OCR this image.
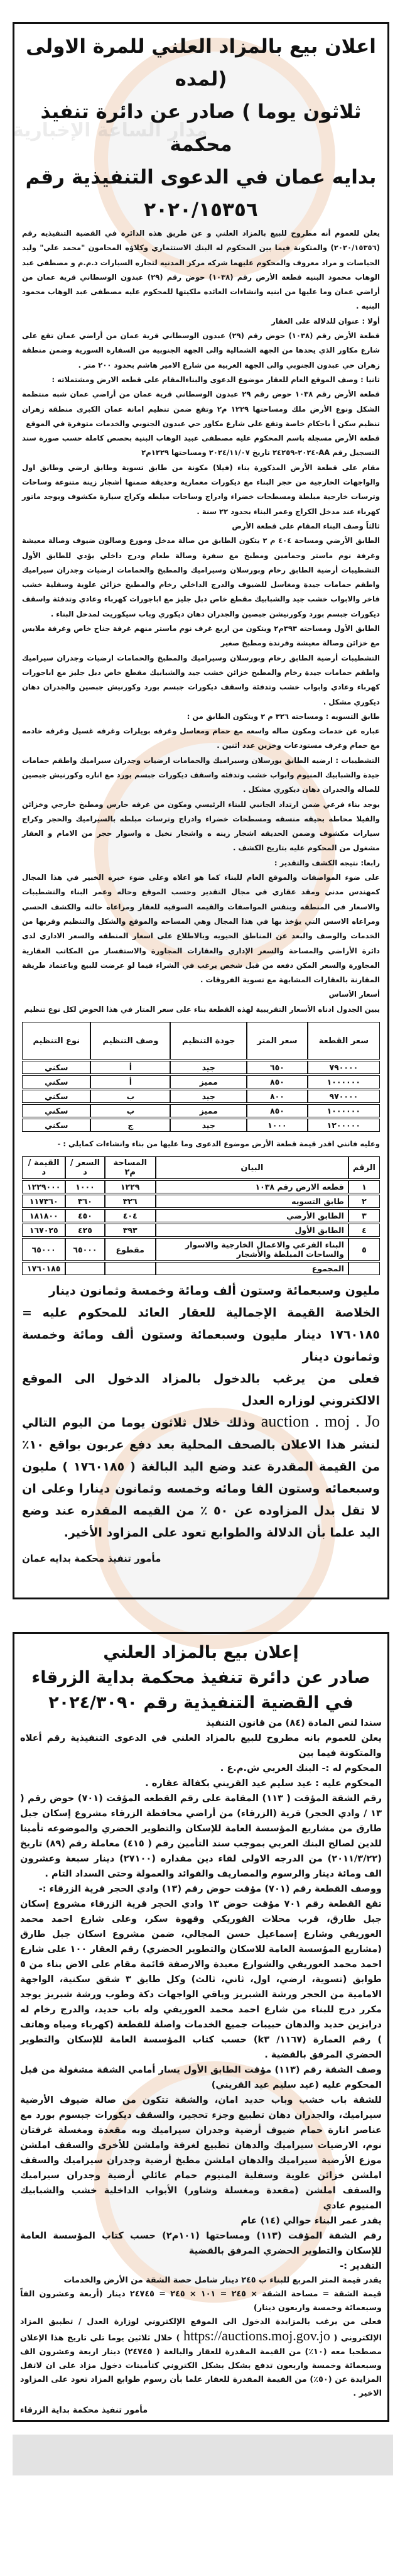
مدار الساعة الإخبارية
اعلان بيع بالمزاد العلني للمرة الاولى (لمده
ثلاثون يوما ) صادر عن دائرة تنفيذ محكمة
بدايه عمان في الدعوى التنفيذية رقم
٢٠٢٠/١٥٣٥٦

يعلن للعموم أنه مطروح للبيع بالمزاد العلني و عن طريق هذه الدائرة في القضية التنفيذيه رقم (٢٠٢٠/١٥٣٥٦) والمتكونة فيما بين المحكوم له البنك الاستثماري وكلاؤه المحامون "محمد علي" وليد الحياصات و مراد معروف والمحكوم عليهما شركه مركز المدنيه لتجاره السيارات ذ.م.م و مصطفى عبد الوهاب محمود البنيه قطعة الأرض رقم (١٠٣٨) حوض رقم (٢٩) عبدون الوسطاني قرية عمان من أراضي عمان وما عليها من ابنيه وانشاءات العائده ملكيتها للمحكوم عليه مصطفى عبد الوهاب محمود البنيه .

أولا : عنوان للدلالة على العقار

قطعة الأرض رقم (١٠٣٨) حوض رقم (٢٩) عبدون الوسطاني قرية عمان من أراضي عمان تقع على شارع مكاور الذي يحدها من الجهة الشمالية والى الجهة الجنوبية من السفارة السورية وضمن منطقة زهران حي عبدون الجنوبي والى الجهة الغربية من شارع الامير هاشم بحدود ٢٠٠ متر .

ثانيا : وصف الموقع العام للعقار موضوع الدعوى والبناءالمقام على قطعه الارض ومشتملاته :

قطعة الأرض رقم ١٠٣٨ حوض رقم ٢٩ عبدون الوسطاني قرية عمان من أراضي عمان شبه منتظمة الشكل ونوع الأرض ملك ومساحتها ١٢٢٩ م٢ وتقع ضمن تنظيم امانة عمان الكبرى منطقة زهران تنظيم سكن أ باحكام خاصة وتقع على شارع مكاور حي عبدون الجنوبي والخدمات متوفرة في الموقع

قطعة الأرض مسجلة باسم المحكوم عليه مصطفى عبيد الوهاب البنية بحصص كاملة حسب صورة سند التسجيل رقم AA-٢٠٢٤-٢٤٢٥٩ تاريخ ٢٠٢٤/١١/٠٧ ومساحتها ١٢٢٩م٢

مقام على قطعة الأرض المذكورة بناء (فيلا) مكونة من طابق تسوية وطابق ارضي وطابق اول والواجهات الخارجية من حجر البناء مع ديكورات معمارية وحديقة ضمنها أشجار زينة متنوعة وساحات وترسات خارجية مبلطة ومسطحات خضراء وادراج وساحات مبلطه وكراج سيارة مكشوف ويوجد ماتور كهرباء عند مدخل الكراج وعمر البناء بحدود ٢٢ سنة .

ثالثاً وصف البناء المقام على قطعة الأرض

الطابق الأرضي ومساحة ٤٠٤ م ٢ يتكون الطابق من صالة مدخل وموزع وصالون ضيوف وصالة معيشة وغرفة نوم ماستر وحمامين ومطبخ مع سفرة وصالة طعام ودرج داخلي يؤدي للطابق الأول التشطيبات أرضية الطابق رخام وبورسلان وسيراميك والمطبخ والحمامات ارضيات وجدران سيراميك واطقم حمامات جيدة ومغاسل للضيوف والدرج الداخلي رخام والمطبخ خزائن علوية وسفلية خشب فاخر والابواب خشب جيد والشبابيك مقطع خاص دبل جليز مع اباجورات كهرباء وعادي وتدفئة واسقف ديكورات جبسم بورد وكورنيشن جبصين والجدران دهان ديكوري وباب سيكوريت لمدخل البناء .

الطابق الأول ومساحته ٣٩٣م٢ ويتكون من اربع غرف نوم ماستر منهم غرفة جناح خاص وغرفة ملابس مع خزائن وصالة معيشة وفرندة ومطبخ صغير

التشطيبات أرضية الطابق رخام وبورسلان وسيراميك والمطبخ والحمامات ارضيات وجدران سيراميك واطقم حمامات جيدة رخام والمطبخ خزائن خشب جيد والشبابيك مقطع خاص دبل جليز مع اباجورات كهرباء وعادي وابواب خشب وتدفئة واسقف ديكورات جبسم بورد وكورنيش جبصين والجدران دهان ديكوري مشكل .

طابق التسويه : ومساحته ٣٢٦ م ٢ ويتكون الطابق من :

عباره عن خدمات ومكون صاله واسعه مع حمام ومعاسل وغرفه بويلرات وغرفه غسيل وغرفه خادمه مع حمام وغرف مستودعات وخزين عدد اثنين .

التشطيبات : ارضيه الطابق بورسلان وسيراميك والحمامات ارضيات وجدران سيراميك واطقم حمامات جيدة والشبابيك المنيوم وابواب خشب وتدفئه واسقف ديكورات جبسم بورد مع اناره وكورنيش جبصين للصاله والجدران دهان ديكوري مشكل .

يوجد بناء فرعي ضمن ارتداد الجانبي للبناء الرئيسي ومكون من غرفه حارس ومطبخ خارجي وخزائن والفيلا محاطه بحيقه منسقه ومسطحات خضراء وادراج وترسات مبلطه بالسيراميك والحجر وكراج سيارات مكشوف وضمن الحديقه اشجار زينه ه واشجار نخيل ه واسوار حجر من الامام و العقار مشغول من المحكوم عليه بتاريخ الكشف .

رابعا: نتيجه الكشف والتقدير :

على ضوء المواصفات والموقع العام للبناء كما هو اعلاه وعلى ضوء خبره الخبير في هذا المجال كمهندس مدني ومقد عقاري في مجال التقدير وحسب الموقع وحاله وعمر البناء والتشطيبات والاسعار في المنطقه وبنفس المواصفات والقيمه السوقيه للعقار ومراعاه حالته والكشف الحسي ومراعاه الاسس التي يؤخذ بها في هذا المجال وهي المساحه والموقع والشكل والتنظيم وقربها من الخدمات والوصف والبعد عن المناطق الحيويه وبالاطلاع على اسعار المنطقه والسعر الاداري لدى دائرة الأراضي والمساحة والسعر الإداري والعقارات المجاورة والاستفسار من المكاتب العقارية المجاورة والسعر المكن دفعه من قبل شخص يرغب في الشراء فيما لو عرضت للبيع وباعتماد طريقة المقارنة بالعقارات المشابهة مع تسوية الفروقات .

أسعار الأساس

يبين الجدول ادناه الأسعار التقريبية لهذه القطعة بناء على سعر المتار في هذا الحوض لكل نوع تنظيم

سعر القطعة	سعر المتر	جودة التنظيم	وصف التنظيم	نوع التنظيم
٧٩٠٠٠٠	٦٥٠	جيد	أ	سكني
١٠٠٠٠٠٠	٨٥٠	مميز	أ	سكني
٩٧٠٠٠٠	٨٠٠	جيد	ب	سكني
١٠٠٠٠٠٠	٨٥٠	مميز	ب	سكني
١٢٠٠٠٠٠	١٠٠٠	جيد	ج	سكني

وعليه فانني اقدر قيمة قطعة الأرض موضوع الدعوى وما عليها من بناء وانشاءات كمايلي : -

الرقم	البيان	المساحة م٢	السعر /د	القيمة /د
١	قطعه الارض رقم ١٠٣٨	١٢٢٩	١٠٠٠	١٢٢٩٠٠٠
٢	طابق التسويه	٣٢٦	٣٦٠	١١٧٣٦٠
٣	الطابق الأرضي	٤٠٤	٤٥٠	١٨١٨٠٠
٤	الطابق الأول	٣٩٣	٤٢٥	١٦٧٠٢٥
٥	البناء الفرعي والاعمال الخارجية والاسوار والساحات المبلطة والأشجار	مقطوع	٦٥٠٠٠	٦٥٠٠٠
	المجموع			١٧٦٠١٨٥

مليون وسبعمائة وستون ألف ومائة وخمسة وثمانون دينار

الخلاصة القيمة الإجمالية للعقار العائد للمحكوم عليه = ١٧٦٠١٨٥ دينار مليون وسبعمائة وستون ألف ومائة وخمسة وثمانون دينار

فعلى من يرغب بالدخول بالمزاد الدخول الى الموقع الالكتروني لوزاره العدل

auction . moj . Jo وذلك خلال ثلاثون يوما من اليوم التالي لنشر هذا الاعلان بالصحف المحلية بعد دفع عربون بواقع ١٠٪ من القيمة المقدرة عند وضع اليد البالغة ( ١٧٦٠١٨٥ ) مليون وسبعمائه وستون الفا ومائه وخمسه وثمانون دينارا وعلى ان لا تقل بدل المزاوده عن ٥٠ ٪ من القيمه المقدره عند وضع اليد علما بأن الدلالة والطوابع تعود على المزاود الأخير.

مأمور تنفيذ محكمة بدايه عمان
إعلان بيع بالمزاد العلني
صادر عن دائرة تنفيذ محكمة بداية الزرقاء
في القضية التنفيذية رقم ٢٠٢٤/٣٠٩٠

سندا لنص المادة (٨٤) من قانون التنفيذ

يعلن للعموم بانه مطروح للبيع بالمزاد العلني في الدعوى التنفيذية رقم أعلاه والمتكونة فيما بين

المحكوم له :- البنك العربي ش.م.ع .

المحكوم عليه : عيد سليم عيد القريني بكفالة عقاره .

رقم الشقة المؤقت ( ١١٣) المقامة على رقم القطعه المؤقت (٧٠١) حوض رقم ( ١٣ / وادي الحجر) قرية (الزرقاء) من أراضي محافظة الزرقاء مشروع إسكان جبل طارق من مشاريع المؤسسة العامة للإسكان والتطوير الحضري والموضوعه تأمينا للدين لصالح البنك العربي بموجب سند التأمين رقم ( ٤١٥) معاملة رقم (٨٩) تاريخ (٢٠١١/٣/٢٢) من الدرجه الاولى لقاء دين مقداره (٢٧١٠٠) دينار سبعة وعشرون الف ومائة دينار والرسوم والمصاريف والفوائد والعمولة وحتى السداد التام .

ووصف القطعة رقم (٧٠١) مؤقت حوض رقم (١٣) وادي الحجر قرية الزرقاء :-

تقع القطعة رقم ٧٠١ مؤقت حوض ١٣ وادي الحجر قرية الزرقاء مشروع إسكان جبل طارق، قرب محلات الفوريكي وقهوة سكر، وعلى شارع احمد محمد العوريفي وشارع إسماعيل حسن المجالي، ضمن مشروع اسكان جبل طارق (مشاريع المؤسسة العامة للاسكان والتطوير الحضري) رقم العقار ١٠٠ على شارع احمد محمد العوريفي والشوارع معبدة والارصفة قائمة مقام على الاض بناء من ٥ طوابق (تسوية، ارضي، اول، ثاني، ثالث) وكل طابق ٣ شقق سكنية، الواجهة الامامية من الحجر ورشة الشبريز وباقي الواجهات دكة وطوب ورشة شبريز يوجد مكرر درج للبناء من شارع احمد محمد العوريفي وله باب حديد، والدرج رخام له درابزين حديد والدهان حبيبات جميع الخدمات واصلة للقطعة (كهرباء ومياه وهاتف ) رقم العمارة (١١٦٧/ k٣) حسب كتاب المؤسسة العامة للإسكان والتطوير الحضري المرفق بالقضية .

وصف الشقة رقم (١١٣) مؤقت الطابق الأول يسار أمامي الشقة مشغولة من قبل المحكوم عليه (عيد سليم عيد القريني)

للشقة باب خشب وباب حديد امان، والشقة تتكون من صالة ضيوف الأرضية سيراميك، والجدران دهان تطبيع وجزء تحجير، والسقف ديكورات جبسوم بورد مع عناصر انارة حمام ضيوف أرضية وجدران سيراميك وبه مقعدة ومغسلة غرفتان نوم، الارضيات سيراميك والدهان تطبيع لغرفة واملشن للأخرى والسقف املشن موزع الأرضية سيراميك والدهان املشن مطبخ أرضية وجدران سيراميك والسقف املشن خزائن علوية وسفلية المنيوم حمام عائلي أرضية وجدران سيراميك والسقف املشن (مقعدة ومغسلة وشاور) الأبواب الداخلية خشب والشبابيك المنيوم عادي

يقدر عمر البناء حوالي (١٤) عام

رقم الشقة المؤقت (١١٣) ومساحتها (١٠١م٢) حسب كتاب المؤسسة العامة للإسكان والتطوير الحضري المرفق بالقضية

التقدير :-

يقدر قيمة المتر المربع للبناء ب ٢٤٥ دينار شامل حصة الشقة من الأرض والخدمات

قيمة الشقة = مساحة الشقة × ٢٤٥ = ١٠١ × ٢٤٥ = ٢٤٧٤٥ دينار (أربعة وعشرون الفاً وسبعمائة وخمسة واربعون دينار)

فعلى من يرغب بالمزايدة الدخول الى الموقع الإلكتروني لوزارة العدل / تطبيق المزاد الإلكتروني ( https://auctions.moj.gov.jo ) خلال ثلاثين يوما تلي تاريخ هذا الإعلان مصطحبا معه (١٠٪) من القيمة المقدرة للعقار والبالغة ( ٢٤٧٤٥) دينار اربعة وعشرون الف وسبعمائة وخمسة واربعون تدفع بشكل بشكل الكتروني كتأمينات دخول مزاد على ان لاتقل المزايدة عن (٥٠٪) من القيمة المقدرة للعقار علما بأن رسوم طوابع المزاد تعود على المزاود الاخير .

مأمور تنفيذ محكمة بداية الزرقاء
